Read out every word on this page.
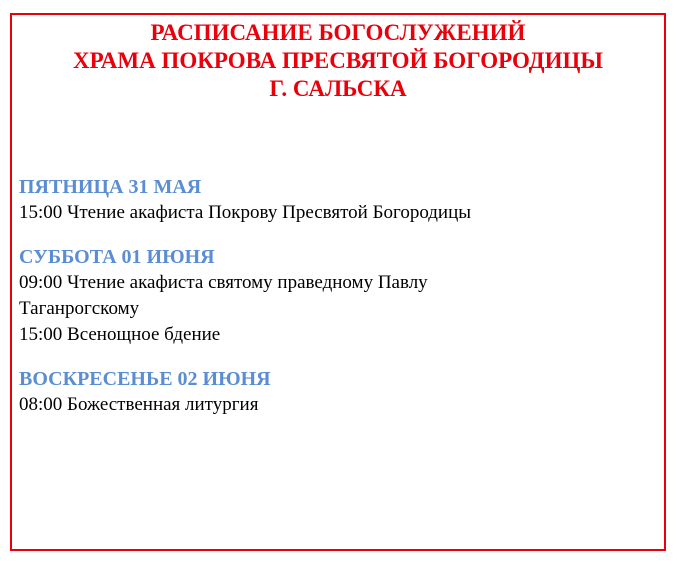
РАСПИСАНИЕ БОГОСЛУЖЕНИЙ
ХРАМА ПОКРОВА ПРЕСВЯТОЙ БОГОРОДИЦЫ
Г. САЛЬСКА

ПЯТНИЦА 31 МАЯ

15:00 Чтение акафиста Покрову Пресвятой Богородицы

СУББОТА 01 ИЮНЯ

09:00 Чтение акафиста святому праведному Павлу

Таганрогскому

15:00 Всенощное бдение

ВОСКРЕСЕНЬЕ 02 ИЮНЯ

08:00 Божественная литургия
